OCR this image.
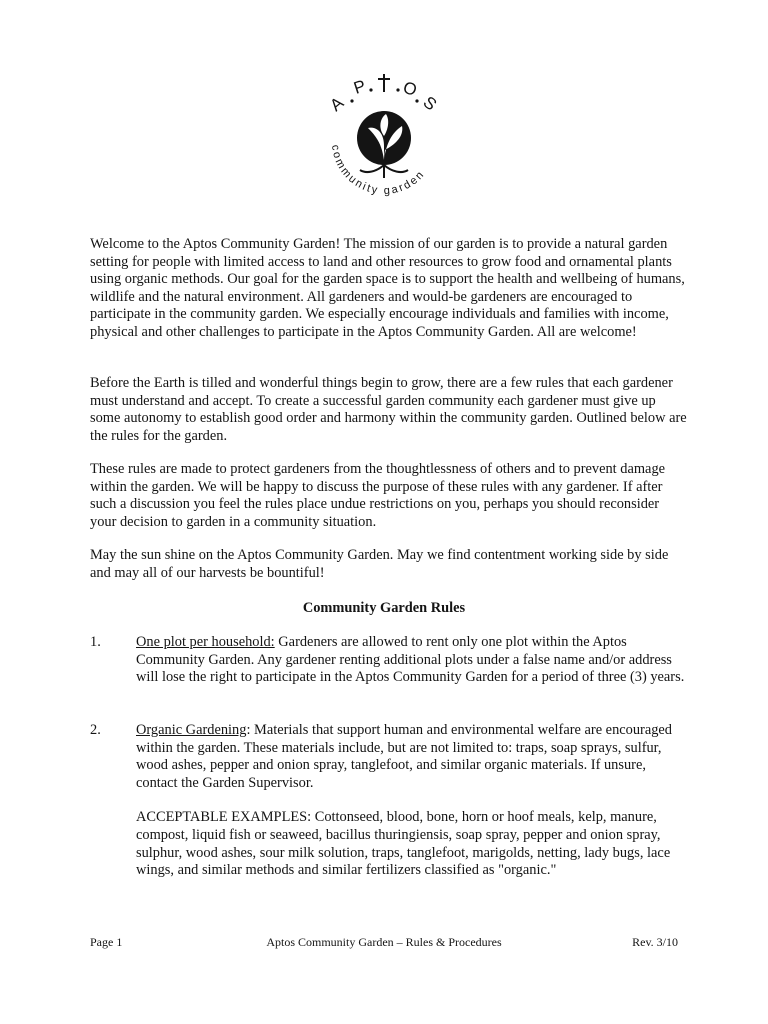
A
P O
S
community garden

Welcome to the Aptos Community Garden! The mission of our garden is to provide a natural garden setting for people with limited access to land and other resources to grow food and ornamental plants using organic methods. Our goal for the garden space is to support the health and wellbeing of humans, wildlife and the natural environment. All gardeners and would-be gardeners are encouraged to participate in the community garden. We especially encourage individuals and families with income, physical and other challenges to participate in the Aptos Community Garden. All are welcome!

Before the Earth is tilled and wonderful things begin to grow, there are a few rules that each gardener must understand and accept. To create a successful garden community each gardener must give up some autonomy to establish good order and harmony within the community garden. Outlined below are the rules for the garden.

These rules are made to protect gardeners from the thoughtlessness of others and to prevent damage within the garden. We will be happy to discuss the purpose of these rules with any gardener. If after such a discussion you feel the rules place undue restrictions on you, perhaps you should reconsider your decision to garden in a community situation.

May the sun shine on the Aptos Community Garden. May we find contentment working side by side and may all of our harvests be bountiful!

Community Garden Rules
1. One plot per household: Gardeners are allowed to rent only one plot within the Aptos Community Garden. Any gardener renting additional plots under a false name and/or address will lose the right to participate in the Aptos Community Garden for a period of three (3) years.
2. Organic Gardening: Materials that support human and environmental welfare are encouraged within the garden. These materials include, but are not limited to: traps, soap sprays, sulfur, wood ashes, pepper and onion spray, tanglefoot, and similar organic materials. If unsure, contact the Garden Supervisor.

ACCEPTABLE EXAMPLES: Cottonseed, blood, bone, horn or hoof meals, kelp, manure, compost, liquid fish or seaweed, bacillus thuringiensis, soap spray, pepper and onion spray, sulphur, wood ashes, sour milk solution, traps, tanglefoot, marigolds, netting, lady bugs, lace wings, and similar methods and similar fertilizers classified as "organic."

Page 1	Aptos Community Garden – Rules & Procedures	Rev. 3/10
